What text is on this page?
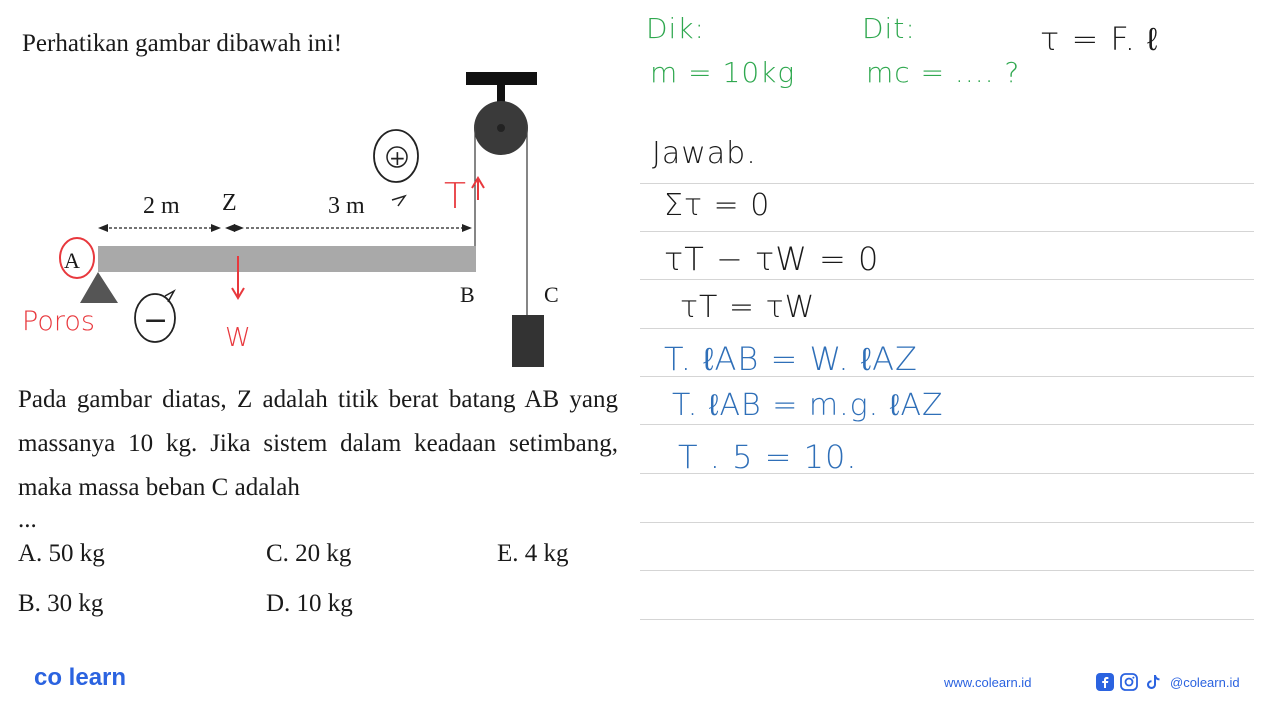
Perhatikan gambar dibawah ini!
2 m Z	3 m
A
B	C
Poros −
+
T
W
Pada gambar diatas, Z adalah titik berat batang AB yang massanya 10 kg. Jika sistem dalam keadaan setimbang, maka massa beban C adalah
...
A. 50 kg	C. 20 kg	E. 4 kg
B. 30 kg	D. 10 kg
Dik:
m = 10kg
Dit:
mc = .... ?
τ = F. ℓ
Jawab.
Στ = 0
τT − τW = 0
τT = τW
T. ℓAB = W. ℓAZ
T. ℓAB = m.g. ℓAZ
T . 5 = 10.
co learn	www.colearn.id	@colearn.id
